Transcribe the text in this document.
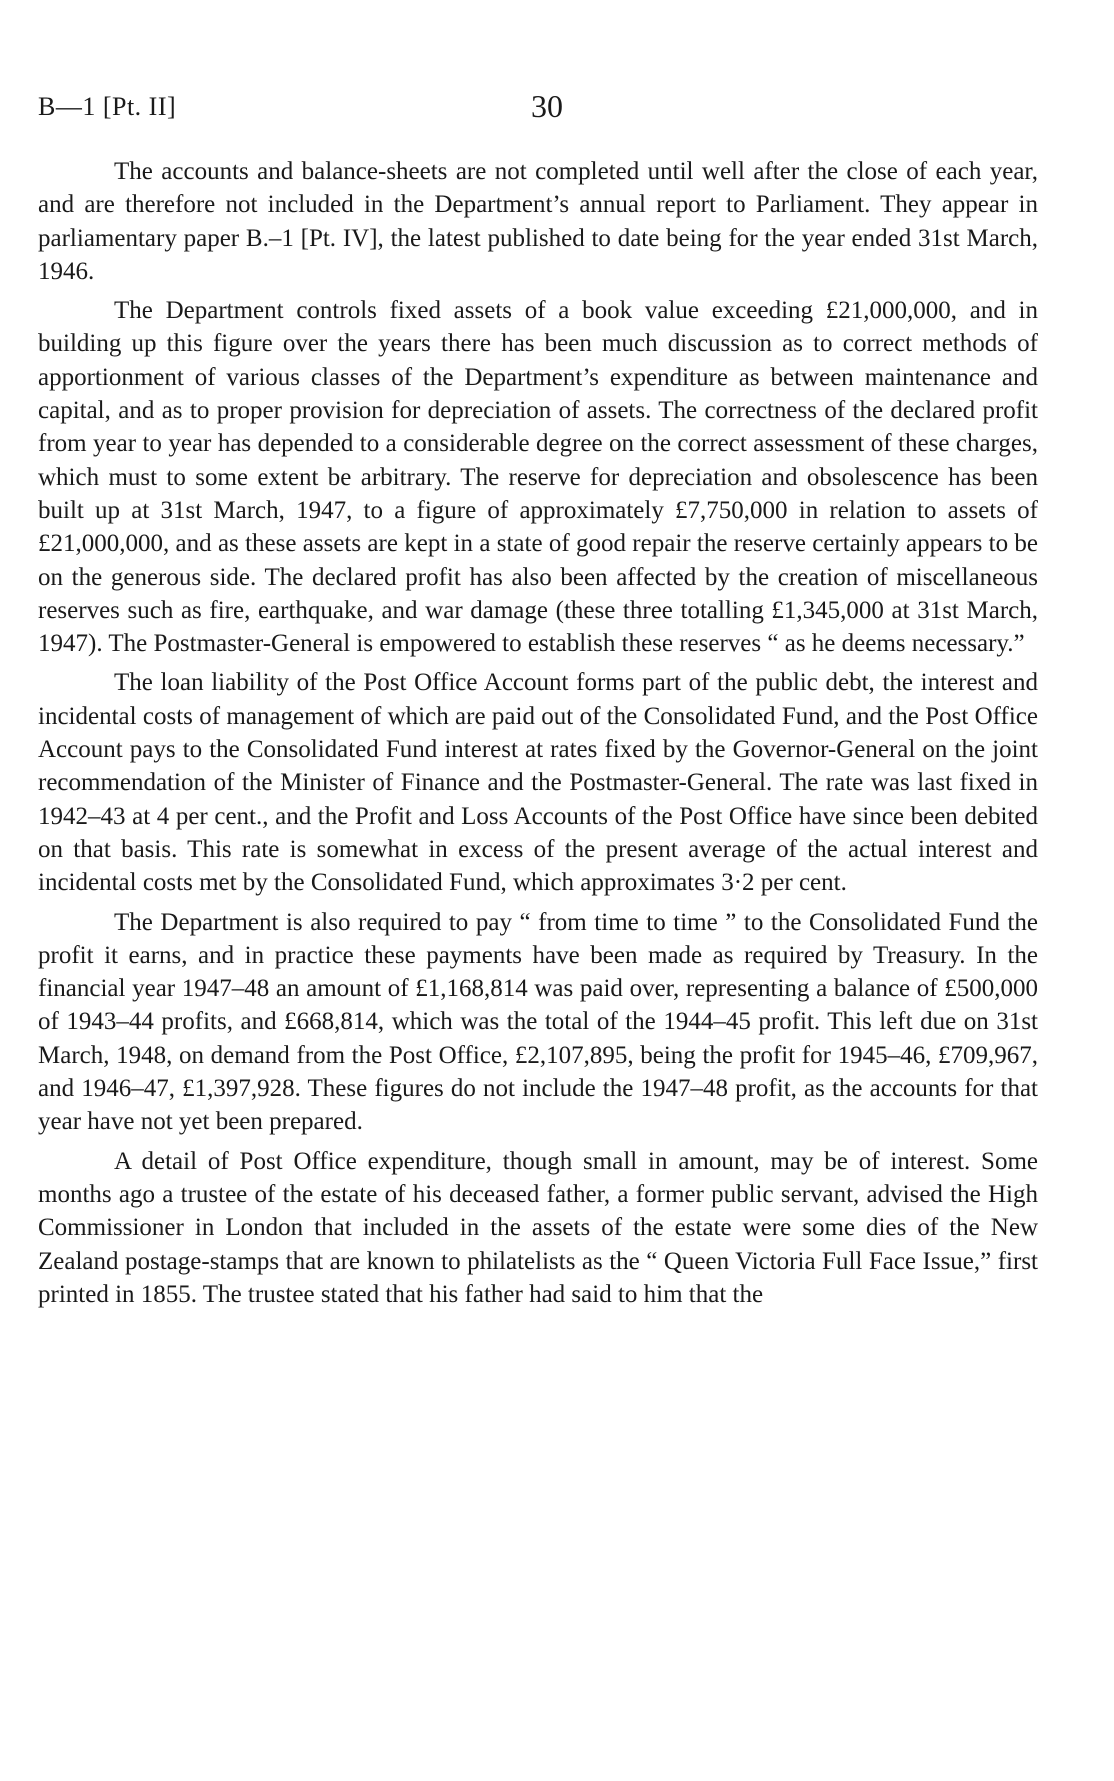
B—1 [Pt. II]	30

The accounts and balance-sheets are not completed until well after the close of each year, and are therefore not included in the Department’s annual report to Parliament. They appear in parliamentary paper B.–1 [Pt. IV], the latest published to date being for the year ended 31st March, 1946.

The Department controls fixed assets of a book value exceeding £21,000,000, and in building up this figure over the years there has been much discussion as to correct methods of apportionment of various classes of the Department’s expenditure as between maintenance and capital, and as to proper provision for depreciation of assets. The correctness of the declared profit from year to year has depended to a considerable degree on the correct assessment of these charges, which must to some extent be arbitrary. The reserve for depreciation and obsolescence has been built up at 31st March, 1947, to a figure of approximately £7,750,000 in relation to assets of £21,000,000, and as these assets are kept in a state of good repair the reserve certainly appears to be on the generous side. The declared profit has also been affected by the creation of miscellaneous reserves such as fire, earthquake, and war damage (these three totalling £1,345,000 at 31st March, 1947). The Postmaster-General is empowered to establish these reserves “ as he deems necessary.”

The loan liability of the Post Office Account forms part of the public debt, the interest and incidental costs of management of which are paid out of the Consolidated Fund, and the Post Office Account pays to the Consolidated Fund interest at rates fixed by the Governor-General on the joint recommendation of the Minister of Finance and the Postmaster-General. The rate was last fixed in 1942–43 at 4 per cent., and the Profit and Loss Accounts of the Post Office have since been debited on that basis. This rate is somewhat in excess of the present average of the actual interest and incidental costs met by the Consolidated Fund, which approximates 3·2 per cent.

The Department is also required to pay “ from time to time ” to the Consolidated Fund the profit it earns, and in practice these payments have been made as required by Treasury. In the financial year 1947–48 an amount of £1,168,814 was paid over, representing a balance of £500,000 of 1943–44 profits, and £668,814, which was the total of the 1944–45 profit. This left due on 31st March, 1948, on demand from the Post Office, £2,107,895, being the profit for 1945–46, £709,967, and 1946–47, £1,397,928. These figures do not include the 1947–48 profit, as the accounts for that year have not yet been prepared.

A detail of Post Office expenditure, though small in amount, may be of interest. Some months ago a trustee of the estate of his deceased father, a former public servant, advised the High Commissioner in London that included in the assets of the estate were some dies of the New Zealand postage-stamps that are known to philatelists as the “ Queen Victoria Full Face Issue,” first printed in 1855. The trustee stated that his father had said to him that the
